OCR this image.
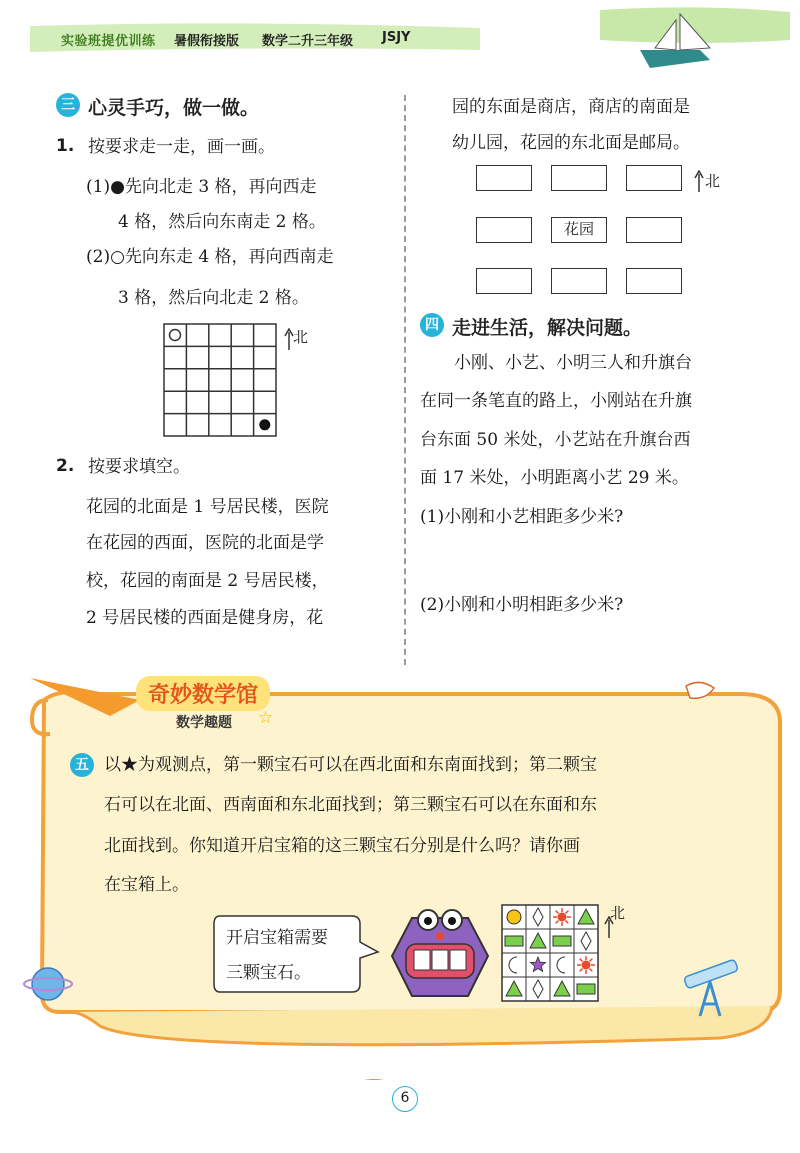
实验班提优训练	暑假衔接版 数学二升三年级 JSJY
三 心灵手巧，做一做。
1. 按要求走一走，画一画。
(1)●先向北走 3 格，再向西走
4 格，然后向东南走 2 格。
(2)○先向东走 4 格，再向西南走
3 格，然后向北走 2 格。
北
2. 按要求填空。
花园的北面是 1 号居民楼，医院
在花园的西面，医院的北面是学
校，花园的南面是 2 号居民楼，
2 号居民楼的西面是健身房，花
园的东面是商店，商店的南面是
幼儿园，花园的东北面是邮局。
花园
北
四 走进生活，解决问题。
小刚、小艺、小明三人和升旗台
在同一条笔直的路上，小刚站在升旗
台东面 50 米处，小艺站在升旗台西
面 17 米处，小明距离小艺 29 米。
(1)小刚和小艺相距多少米?
(2)小刚和小明相距多少米?
奇妙数学馆
数学趣题 ☆
五 以★为观测点，第一颗宝石可以在西北面和东南面找到；第二颗宝
石可以在北面、西南面和东北面找到；第三颗宝石可以在东面和东
北面找到。你知道开启宝箱的这三颗宝石分别是什么吗？请你画
在宝箱上。
开启宝箱需要
三颗宝石。
北
6
